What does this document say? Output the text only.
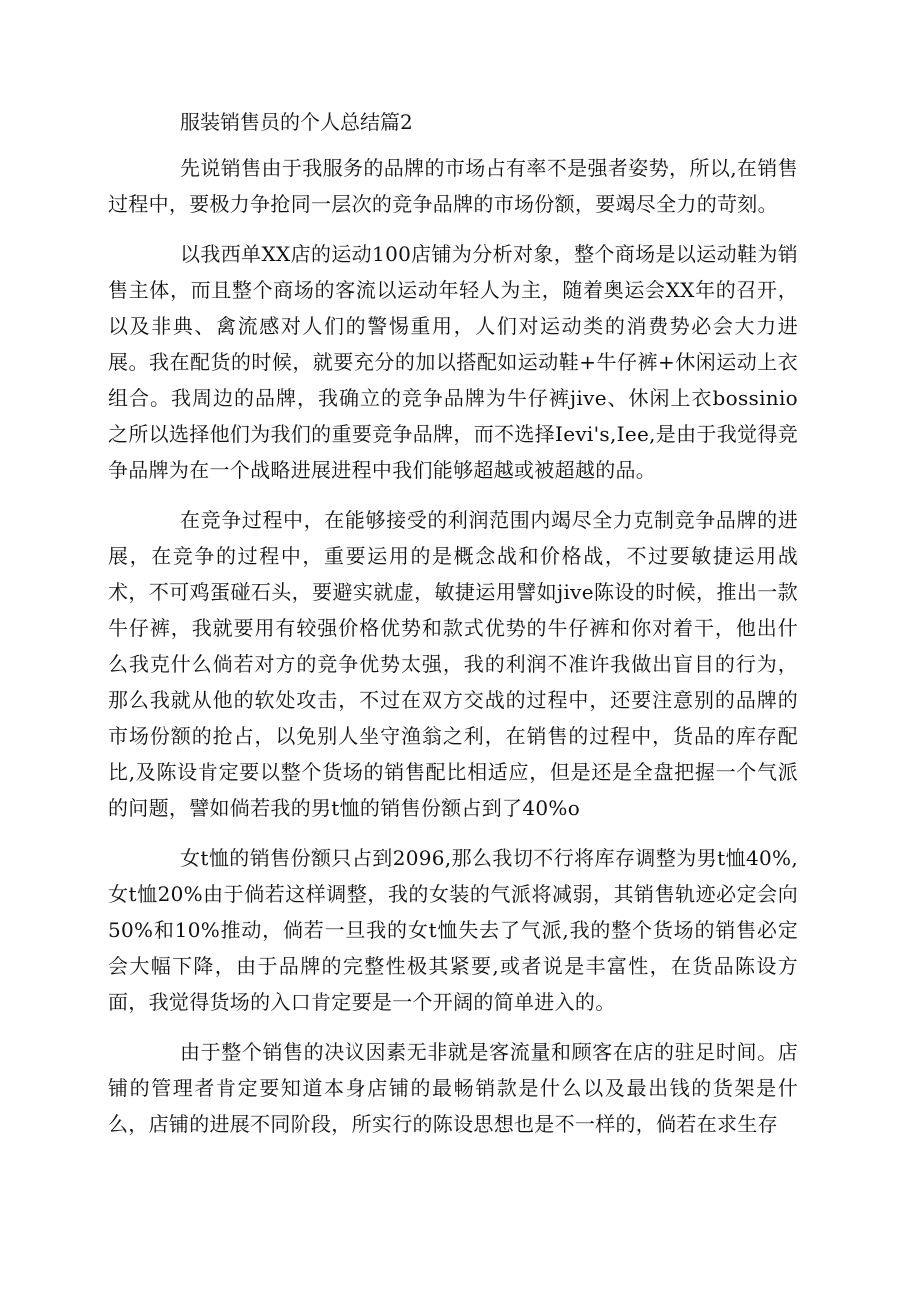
服装销售员的个人总结篇2

先说销售由于我服务的品牌的市场占有率不是强者姿势，所以,在销售过程中，要极力争抢同一层次的竞争品牌的市场份额，要竭尽全力的苛刻。

以我西单XX店的运动100店铺为分析对象，整个商场是以运动鞋为销售主体，而且整个商场的客流以运动年轻人为主，随着奥运会XX年的召开，以及非典、禽流感对人们的警惕重用，人们对运动类的消费势必会大力进展。我在配货的时候，就要充分的加以搭配如运动鞋+牛仔裤+休闲运动上衣组合。我周边的品牌，我确立的竞争品牌为牛仔裤jive、休闲上衣bossinio之所以选择他们为我们的重要竞争品牌，而不选择Ievi's,Iee,是由于我觉得竞争品牌为在一个战略进展进程中我们能够超越或被超越的品。

在竞争过程中，在能够接受的利润范围内竭尽全力克制竞争品牌的进展，在竞争的过程中，重要运用的是概念战和价格战，不过要敏捷运用战术，不可鸡蛋碰石头，要避实就虚，敏捷运用譬如jive陈设的时候，推出一款牛仔裤，我就要用有较强价格优势和款式优势的牛仔裤和你对着干，他出什么我克什么倘若对方的竞争优势太强，我的利润不准许我做出盲目的行为，那么我就从他的软处攻击，不过在双方交战的过程中，还要注意别的品牌的市场份额的抢占，以免别人坐守渔翁之利，在销售的过程中，货品的库存配比,及陈设肯定要以整个货场的销售配比相适应，但是还是全盘把握一个气派的问题，譬如倘若我的男t恤的销售份额占到了40%o

女t恤的销售份额只占到2096,那么我切不行将库存调整为男t恤40%,女t恤20%由于倘若这样调整，我的女装的气派将减弱，其销售轨迹必定会向50%和10%推动，倘若一旦我的女t恤失去了气派,我的整个货场的销售必定会大幅下降，由于品牌的完整性极其紧要,或者说是丰富性，在货品陈设方面，我觉得货场的入口肯定要是一个开阔的简单进入的。

由于整个销售的决议因素无非就是客流量和顾客在店的驻足时间。店铺的管理者肯定要知道本身店铺的最畅销款是什么以及最出钱的货架是什么，店铺的进展不同阶段，所实行的陈设思想也是不一样的，倘若在求生存
